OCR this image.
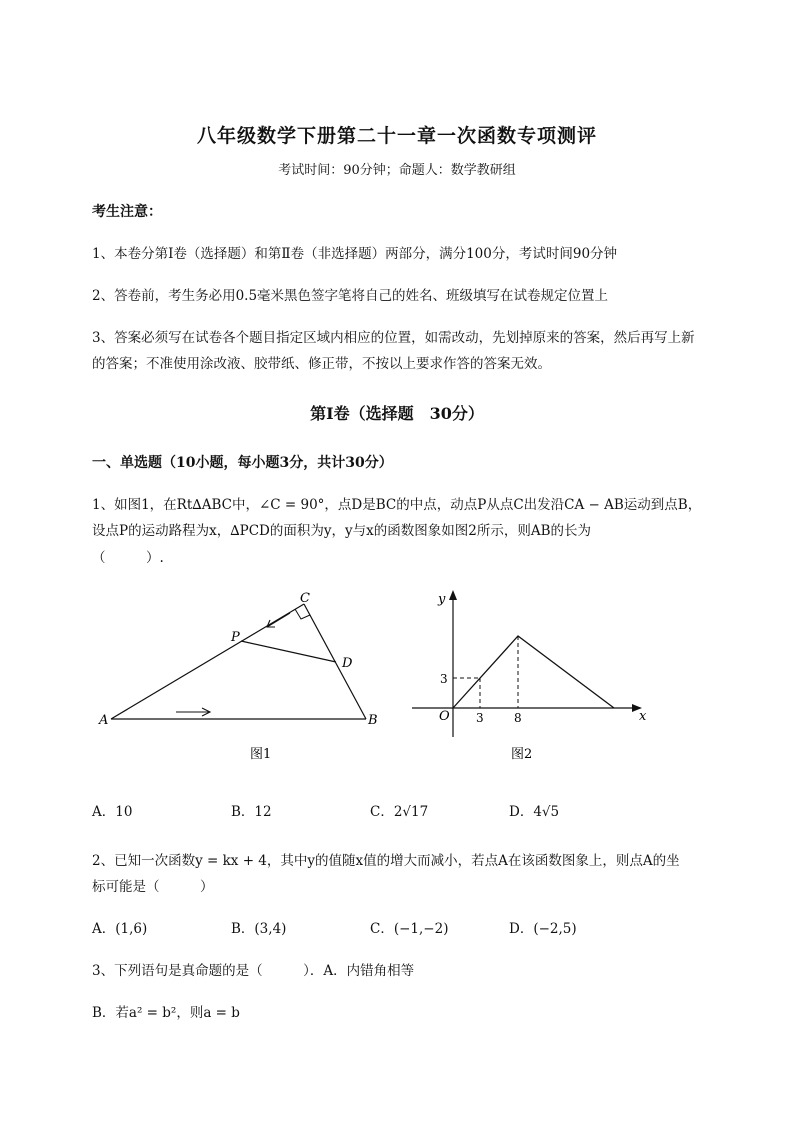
八年级数学下册第二十一章一次函数专项测评
考试时间：90分钟；命题人：数学教研组
考生注意：
1、本卷分第I卷（选择题）和第Ⅱ卷（非选择题）两部分，满分100分，考试时间90分钟
2、答卷前，考生务必用0.5毫米黑色签字笔将自己的姓名、班级填写在试卷规定位置上
3、答案必须写在试卷各个题目指定区域内相应的位置，如需改动，先划掉原来的答案，然后再写上新
的答案；不准使用涂改液、胶带纸、修正带，不按以上要求作答的答案无效。
第I卷（选择题　30分）
一、单选题（10小题，每小题3分，共计30分）
1、如图1，在Rt∆ABC中，∠C = 90°，点D是BC的中点，动点P从点C出发沿CA − AB运动到点B，
设点P的运动路程为x，∆PCD的面积为y，y与x的函数图象如图2所示，则AB的长为
（　　　）.
A	B
C
D
P
图1
y
x
O
3
3	8
图2
A．10	B．12	C．2√17	D．4√5
2、已知一次函数y = kx + 4，其中y的值随x值的增大而减小，若点A在该函数图象上，则点A的坐
标可能是（　　　）
A．(1,6)	B．(3,4)	C．(−1,−2)	D．(−2,5)
3、下列语句是真命题的是（　　　）．A．内错角相等
B．若a² = b²，则a = b
